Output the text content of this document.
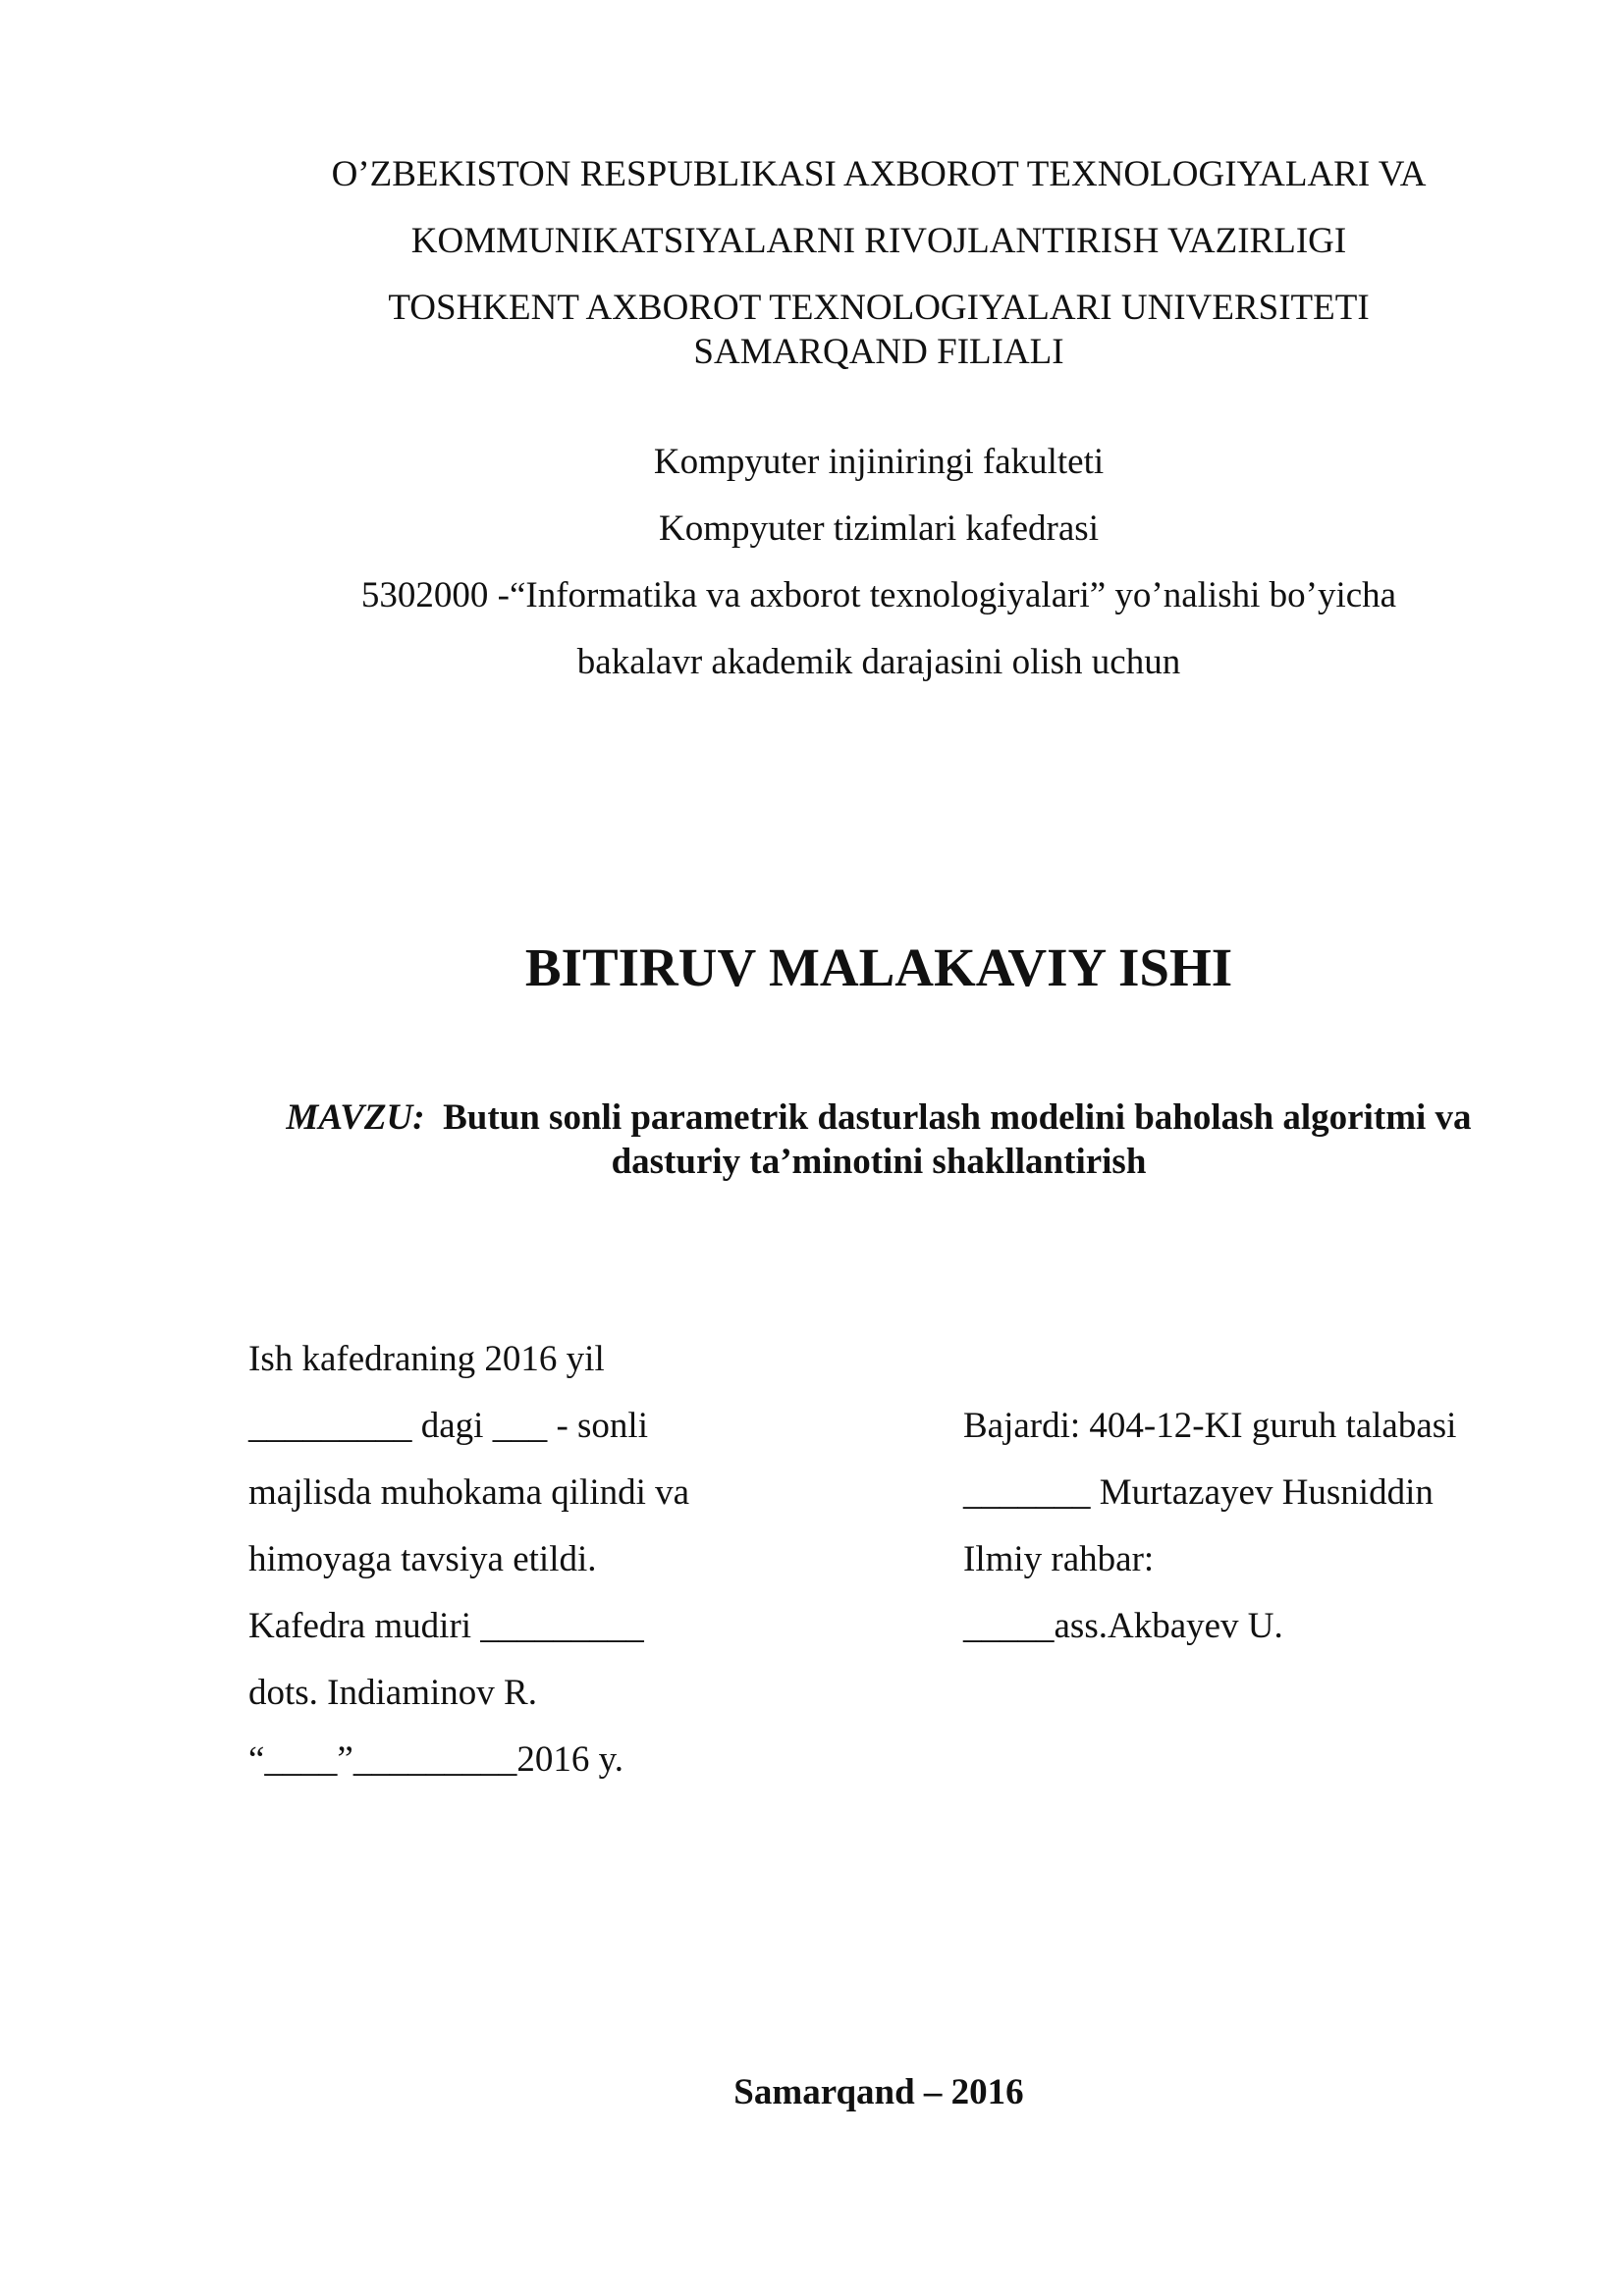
O’ZBEKISTON RESPUBLIKASI AXBOROT TEXNOLOGIYALARI VA
KOMMUNIKATSIYALARNI RIVOJLANTIRISH VAZIRLIGI
TOSHKENT AXBOROT TEXNOLOGIYALARI UNIVERSITETI
SAMARQAND FILIALI
Kompyuter injiniringi fakulteti
Kompyuter tizimlari kafedrasi
5302000 -“Informatika va axborot texnologiyalari” yo’nalishi bo’yicha
bakalavr akademik darajasini olish uchun
BITIRUV MALAKAVIY ISHI
MAVZU: Butun sonli parametrik dasturlash modelini baholash algoritmi va
dasturiy ta’minotini shakllantirish
Ish kafedraning 2016 yil
_________ dagi ___ - sonli
majlisda muhokama qilindi va
himoyaga tavsiya etildi.
Kafedra mudiri _________
dots. Indiaminov R.
“____”_________2016 y.
Bajardi: 404-12-KI guruh talabasi
_______ Murtazayev Husniddin
Ilmiy rahbar:
_____ass.Akbayev U.
Samarqand – 2016
